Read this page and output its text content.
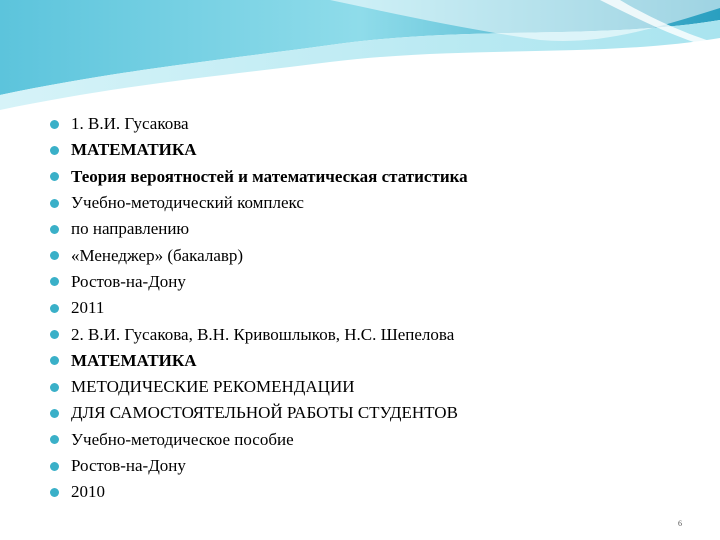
1. В.И. Гусакова
МАТЕМАТИКА
Теория вероятностей и математическая статистика
Учебно-методический комплекс
по направлению
«Менеджер» (бакалавр)
Ростов-на-Дону
2011
2. В.И. Гусакова, В.Н. Кривошлыков, Н.С. Шепелова
МАТЕМАТИКА
МЕТОДИЧЕСКИЕ РЕКОМЕНДАЦИИ
ДЛЯ САМОСТОЯТЕЛЬНОЙ РАБОТЫ СТУДЕНТОВ
Учебно-методическое пособие
Ростов-на-Дону
2010
6
